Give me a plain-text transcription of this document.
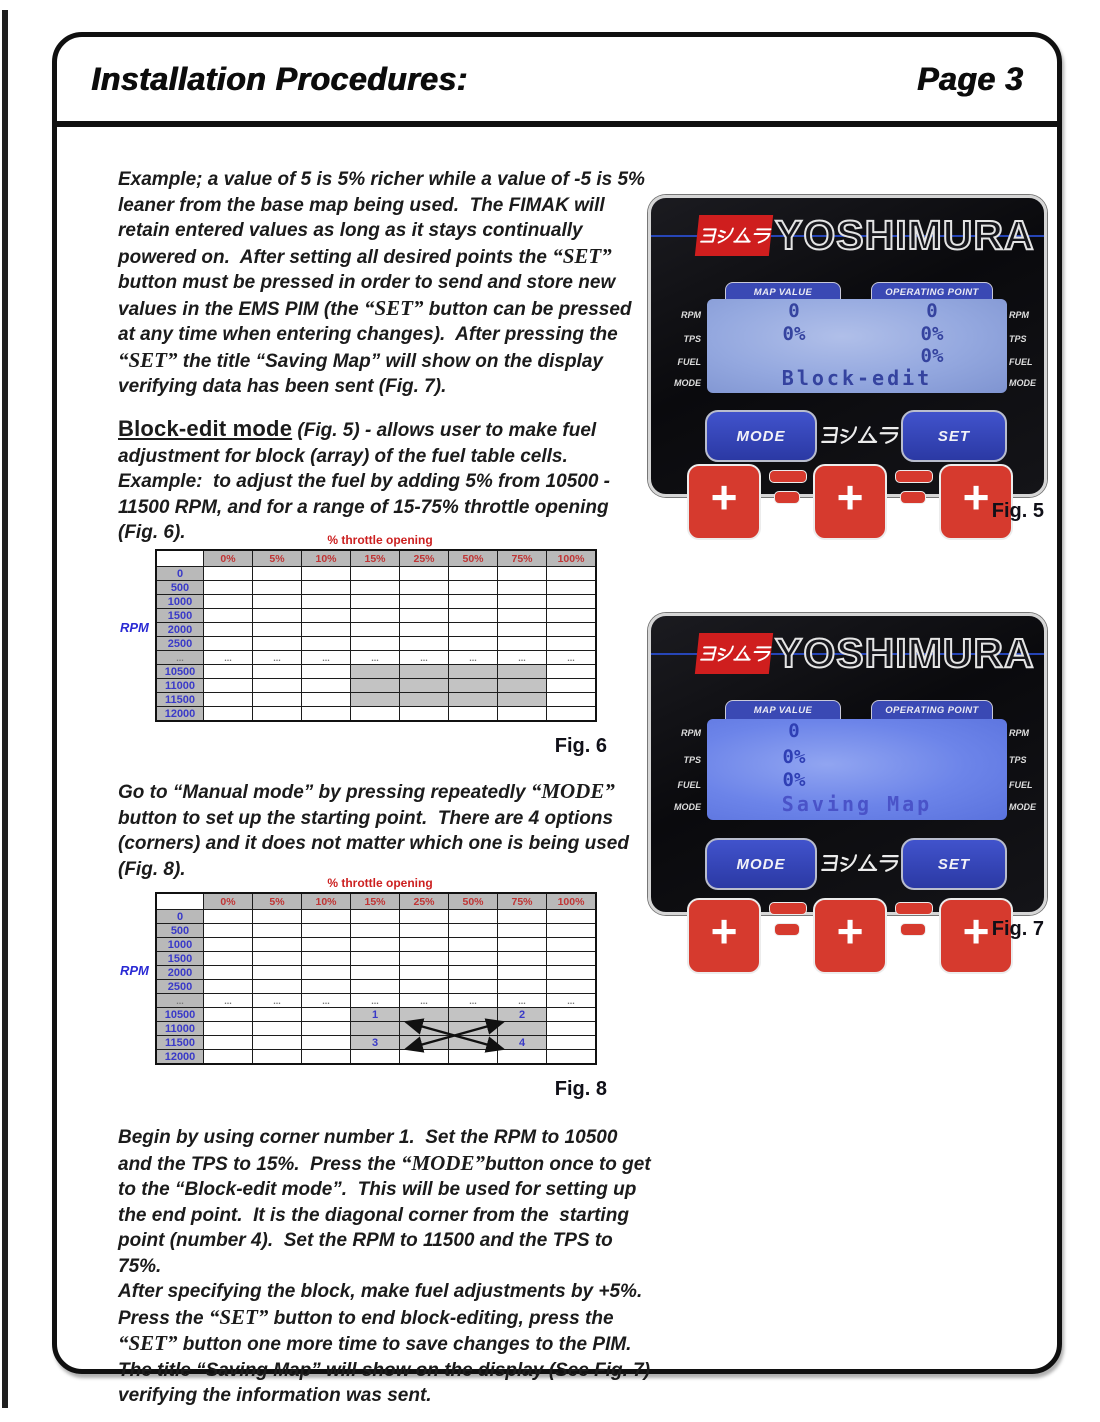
Installation Procedures:	Page 3

Example; a value of 5 is 5% richer while a value of -5 is 5% leaner from the base map being used.  The FIMAK will retain entered values as long as it stays continually powered on.  After setting all desired points the “SET” button must be pressed in order to send and store new values in the EMS PIM (the “SET” button can be pressed at any time when entering changes).  After pressing the “SET” the title “Saving Map” will show on the display verifying data has been sent (Fig. 7).

Block-edit mode (Fig. 5) - allows user to make fuel adjustment for block (array) of the fuel table cells.
Example:  to adjust the fuel by adding 5% from 10500 - 11500 RPM, and for a range of 15-75% throttle opening (Fig. 6).	% throttle opening
RPM
	0%	5%	10%	15%	25%	50%	75%	100%
0								
500								
1000								
1500								
2000								
2500								
...	...	...	...	...	...	...	...	...
10500								
11000								
11500								
12000								
Fig. 6

Go to “Manual mode” by pressing repeatedly “MODE” button to set up the starting point.  There are 4 options (corners) and it does not matter which one is being used (Fig. 8).

% throttle opening
RPM
	0%	5%	10%	15%	25%	50%	75%	100%
0								
500								
1000								
1500								
2000								
2500								
...	...	...	...	...	...	...	...	...
10500				1			2	
11000								
11500				3			4	
12000								
Fig. 8

Begin by using corner number 1.  Set the RPM to 10500 and the TPS to 15%.  Press the “MODE”button once to get to the “Block-edit mode”.  This will be used for setting up the end point.  It is the diagonal corner from the  starting point (number 4).  Set the RPM to 11500 and the TPS to 75%.
After specifying the block, make fuel adjustments by +5%.
Press the “SET” button to end block-editing, press the
“SET” button one more time to save changes to the PIM.
The title “Saving Map” will show on the display (See Fig. 7) verifying the information was sent.

YOSHIMURA
MAP VALUE	OPERATING POINT
0
0%
0
0%
0%
Block-edit
RPM
TPS
FUEL
MODE
RPM
TPS
FUEL
MODE
MODE	SET
+ + + Fig. 5
YOSHIMURA
MAP VALUE	OPERATING POINT
0
0%
0%
Saving Map
RPM
TPS
FUEL
MODE
RPM
TPS
FUEL
MODE
MODE	SET
+ + + Fig. 7
